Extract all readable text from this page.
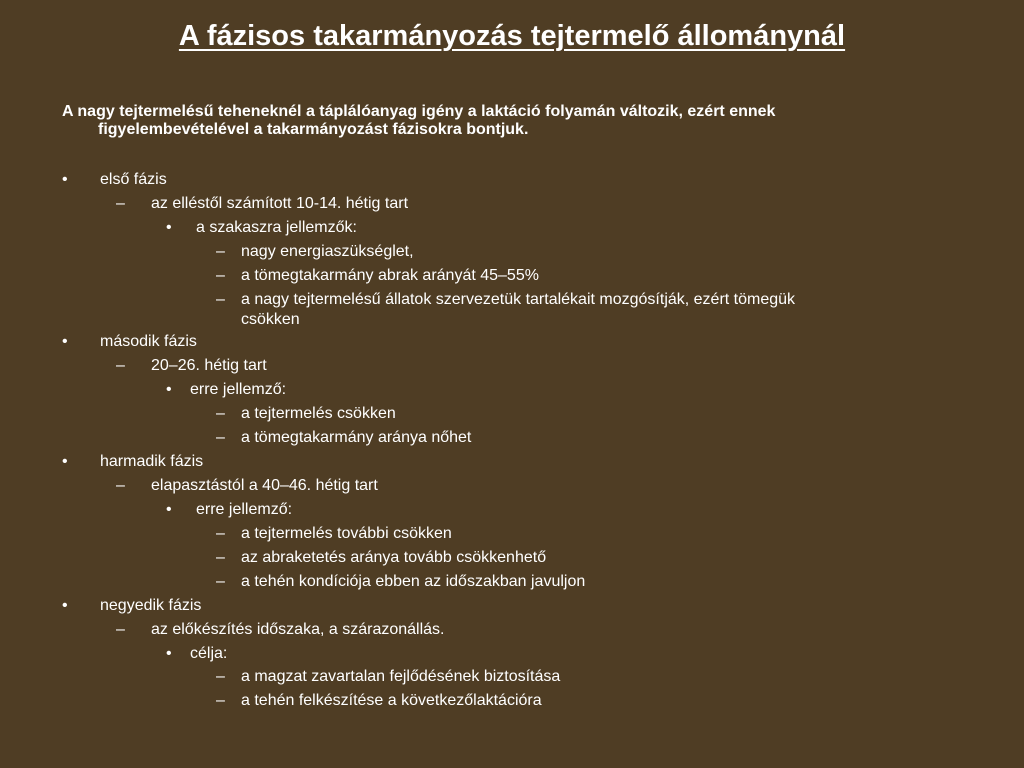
A fázisos takarmányozás tejtermelő állománynál
A nagy tejtermelésű teheneknél a táplálóanyag igény a laktáció folyamán változik, ezért ennek
figyelembevételével a takarmányozást fázisokra bontjuk.
• első fázis
– az elléstől számított 10-14. hétig tart
• a szakaszra jellemzők:
– nagy energiaszükséglet,
– a tömegtakarmány abrak arányát 45–55%
– a nagy tejtermelésű állatok szervezetük tartalékait mozgósítják, ezért tömegük
csökken
• második fázis
– 20–26. hétig tart
• erre jellemző:
– a tejtermelés csökken
– a tömegtakarmány aránya nőhet
• harmadik fázis
– elapasztástól a 40–46. hétig tart
• erre jellemző:
– a tejtermelés további csökken
– az abraketetés aránya tovább csökkenhető
– a tehén kondíciója ebben az időszakban javuljon
• negyedik fázis
– az előkészítés időszaka, a szárazonállás.
• célja:
– a magzat zavartalan fejlődésének biztosítása
– a tehén felkészítése a következőlaktációra
